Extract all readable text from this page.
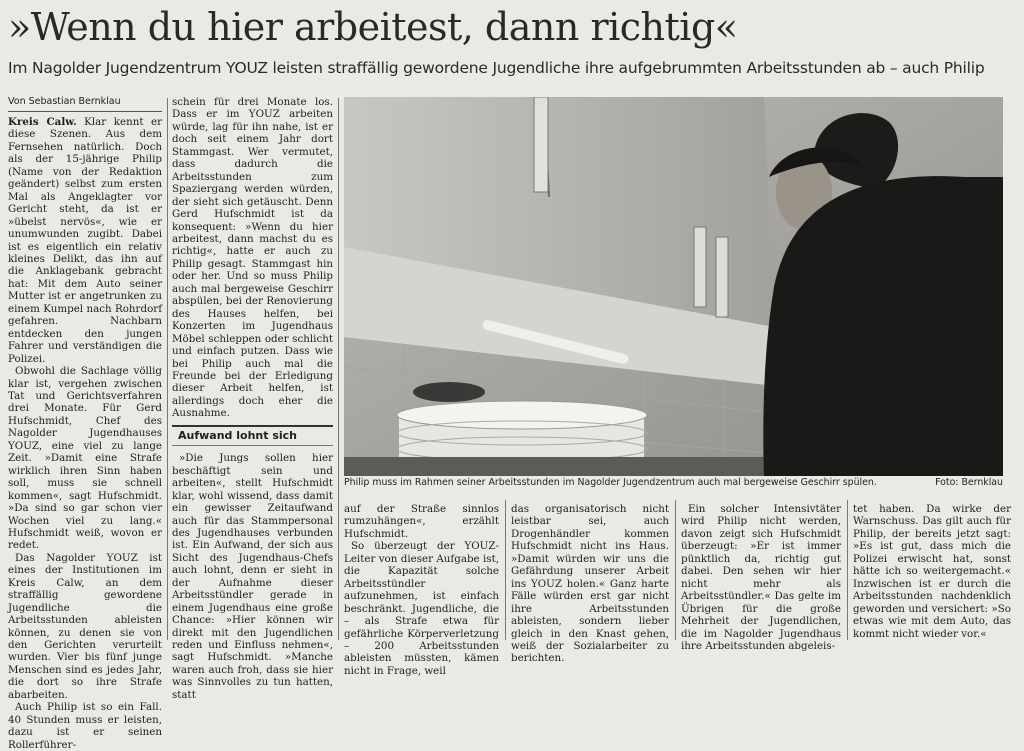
»Wenn du hier arbeitest, dann richtig«
Im Nagolder Jugendzentrum YOUZ leisten straffällig gewordene Jugendliche ihre aufgebrummten Arbeitsstunden ab – auch Philip
Von Sebastian Bernklau

Kreis Calw. Klar kennt er diese Szenen. Aus dem Fernsehen natürlich. Doch als der 15-jährige Philip (Name von der Redaktion geändert) selbst zum ersten Mal als Angeklagter vor Gericht steht, da ist er »übelst nervös«, wie er unumwunden zugibt. Dabei ist es eigentlich ein relativ kleines Delikt, das ihn auf die Anklagebank gebracht hat: Mit dem Auto seiner Mutter ist er angetrunken zu einem Kumpel nach Rohrdorf gefahren. Nachbarn entdecken den jungen Fahrer und verständigen die Polizei.

Obwohl die Sachlage völlig klar ist, vergehen zwischen Tat und Gerichtsverfahren drei Monate. Für Gerd Hufschmidt, Chef des Nagolder Jugendhauses YOUZ, eine viel zu lange Zeit. »Damit eine Strafe wirklich ihren Sinn haben soll, muss sie schnell kommen«, sagt Hufschmidt. »Da sind so gar schon vier Wochen viel zu lang.« Hufschmidt weiß, wovon er redet.

Das Nagolder YOUZ ist eines der Institutionen im Kreis Calw, an dem straffällig gewordene Jugendliche die Arbeitsstunden ableisten können, zu denen sie von den Gerichten verurteilt wurden. Vier bis fünf junge Menschen sind es jedes Jahr, die dort so ihre Strafe abarbeiten.

Auch Philip ist so ein Fall. 40 Stunden muss er leisten, dazu ist er seinen Rollerführer-

schein für drei Monate los. Dass er im YOUZ arbeiten würde, lag für ihn nahe, ist er doch seit einem Jahr dort Stammgast. Wer vermutet, dass dadurch die Arbeitsstunden zum Spaziergang werden würden, der sieht sich getäuscht. Denn Gerd Hufschmidt ist da konsequent: »Wenn du hier arbeitest, dann machst du es richtig«, hatte er auch zu Philip gesagt. Stammgast hin oder her. Und so muss Philip auch mal bergeweise Geschirr abspülen, bei der Renovierung des Hauses helfen, bei Konzerten im Jugendhaus Möbel schleppen oder schlicht und einfach putzen. Dass wie bei Philip auch mal die Freunde bei der Erledigung dieser Arbeit helfen, ist allerdings doch eher die Ausnahme.

Aufwand lohnt sich

»Die Jungs sollen hier beschäftigt sein und arbeiten«, stellt Hufschmidt klar, wohl wissend, dass damit ein gewisser Zeitaufwand auch für das Stammpersonal des Jugendhauses verbunden ist. Ein Aufwand, der sich aus Sicht des Jugendhaus-Chefs auch lohnt, denn er sieht in der Aufnahme dieser Arbeitsstündler gerade in einem Jugendhaus eine große Chance: »Hier können wir direkt mit den Jugendlichen reden und Einfluss nehmen«, sagt Hufschmidt. »Manche waren auch froh, dass sie hier was Sinnvolles zu tun hatten, statt

Philip muss im Rahmen seiner Arbeitsstunden im Nagolder Jugendzentrum auch mal bergeweise Geschirr spülen.	Foto: Bernklau

auf der Straße sinnlos rumzuhängen«, erzählt Hufschmidt.

So überzeugt der YOUZ-Leiter von dieser Aufgabe ist, die Kapazität solche Arbeitsstündler aufzunehmen, ist einfach beschränkt. Jugendliche, die – als Strafe etwa für gefährliche Körperverletzung – 200 Arbeitsstunden ableisten müssten, kämen nicht in Frage, weil

das organisatorisch nicht leistbar sei, auch Drogenhändler kommen Hufschmidt nicht ins Haus. »Damit würden wir uns die Gefährdung unserer Arbeit ins YOUZ holen.« Ganz harte Fälle würden erst gar nicht ihre Arbeitsstunden ableisten, sondern lieber gleich in den Knast gehen, weiß der Sozialarbeiter zu berichten.

Ein solcher Intensivtäter wird Philip nicht werden, davon zeigt sich Hufschmidt überzeugt: »Er ist immer pünktlich da, richtig gut dabei. Den sehen wir hier nicht mehr als Arbeitsstündler.« Das gelte im Übrigen für die große Mehrheit der Jugendlichen, die im Nagolder Jugendhaus ihre Arbeitsstunden abgeleis-

tet haben. Da wirke der Warnschuss. Das gilt auch für Philip, der bereits jetzt sagt: »Es ist gut, dass mich die Polizei erwischt hat, sonst hätte ich so weitergemacht.« Inzwischen ist er durch die Arbeitsstunden nachdenklich geworden und versichert: »So etwas wie mit dem Auto, das kommt nicht wieder vor.«
